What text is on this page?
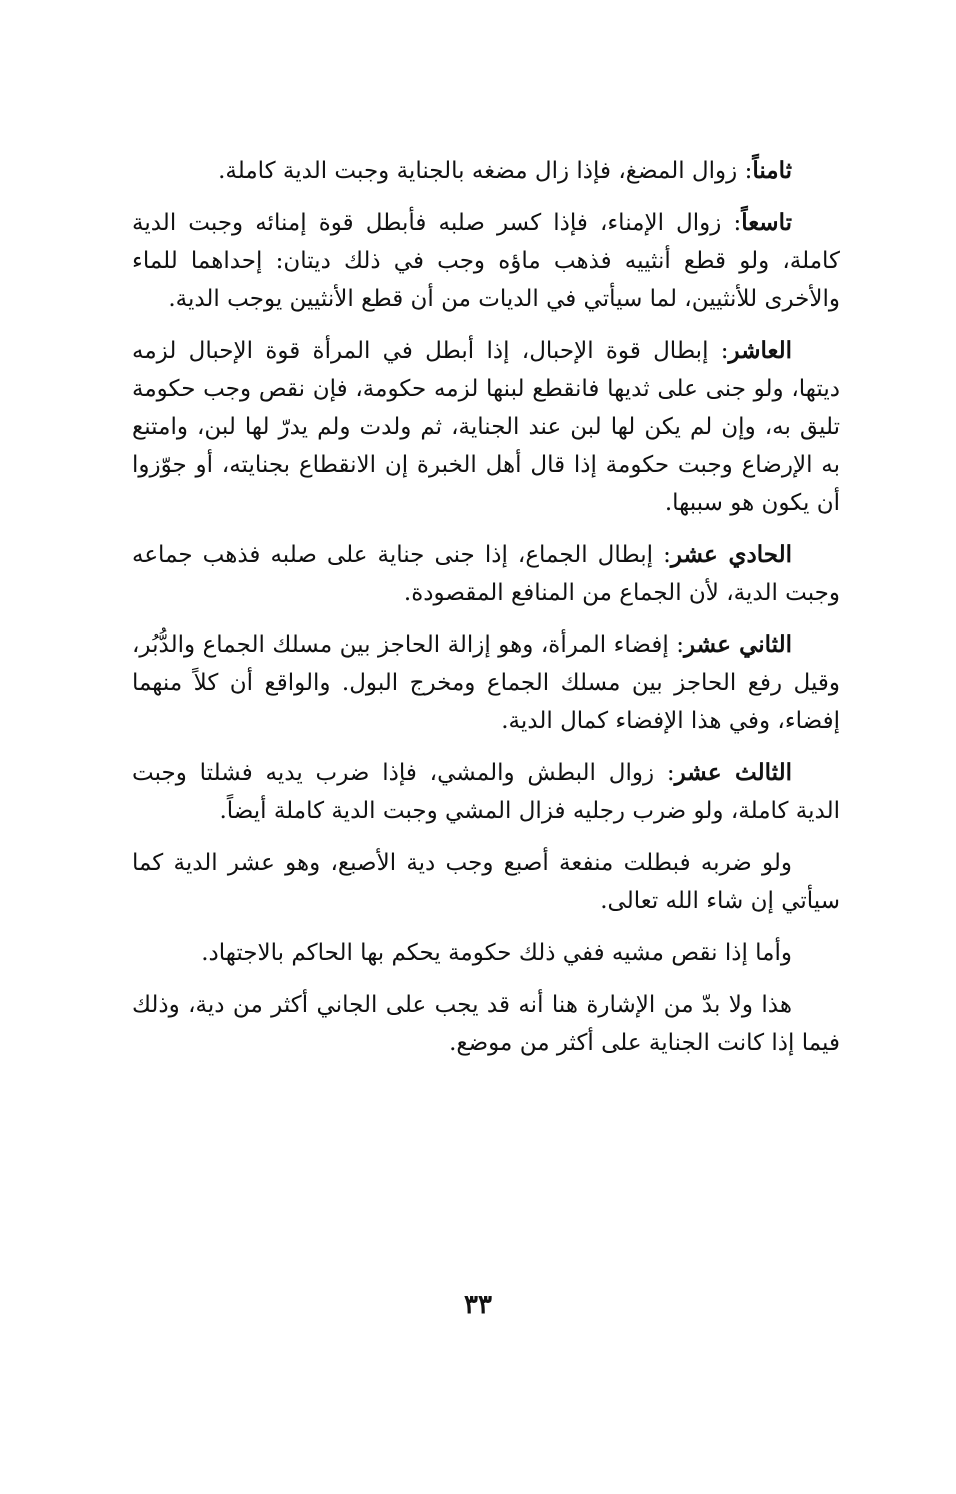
ثامناً: زوال المضغ، فإذا زال مضغه بالجناية وجبت الدية كاملة.

تاسعاً: زوال الإمناء، فإذا كسر صلبه فأبطل قوة إمنائه وجبت الدية كاملة، ولو قطع أنثييه فذهب ماؤه وجب في ذلك ديتان: إحداهما للماء والأخرى للأنثيين، لما سيأتي في الديات من أن قطع الأنثيين يوجب الدية.

العاشر: إبطال قوة الإحبال، إذا أبطل في المرأة قوة الإحبال لزمه ديتها، ولو جنى على ثديها فانقطع لبنها لزمه حكومة، فإن نقص وجب حكومة تليق به، وإن لم يكن لها لبن عند الجناية، ثم ولدت ولم يدرّ لها لبن، وامتنع به الإرضاع وجبت حكومة إذا قال أهل الخبرة إن الانقطاع بجنايته، أو جوّزوا أن يكون هو سببها.

الحادي عشر: إبطال الجماع، إذا جنى جناية على صلبه فذهب جماعه وجبت الدية، لأن الجماع من المنافع المقصودة.

الثاني عشر: إفضاء المرأة، وهو إزالة الحاجز بين مسلك الجماع والدُّبُر، وقيل رفع الحاجز بين مسلك الجماع ومخرج البول. والواقع أن كلاً منهما إفضاء، وفي هذا الإفضاء كمال الدية.

الثالث عشر: زوال البطش والمشي، فإذا ضرب يديه فشلتا وجبت الدية كاملة، ولو ضرب رجليه فزال المشي وجبت الدية كاملة أيضاً.

ولو ضربه فبطلت منفعة أصبع وجب دية الأصبع، وهو عشر الدية كما سيأتي إن شاء الله تعالى.

وأما إذا نقص مشيه ففي ذلك حكومة يحكم بها الحاكم بالاجتهاد.

هذا ولا بدّ من الإشارة هنا أنه قد يجب على الجاني أكثر من دية، وذلك فيما إذا كانت الجناية على أكثر من موضع.

٣٣
